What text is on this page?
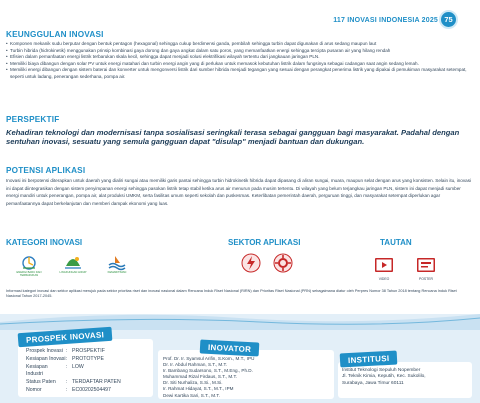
117 INOVASI INDONESIA 2025 75
KEUNGGULAN INOVASI
• Komponen mekanik sudu berputar dengan bentuk pentagon (hexagonal) sehingga cukup berdimensi ganda, pembilah sehingga turbin dapat digunakan di arus sedang maupun laut
• Turbin hibrida (hidrokinetik) menggunakan prinsip kombinasi gaya dorong dan gaya angkat dalam satu poros, yang memanfaatkan energi sehingga tercipta pusaran air yang hilang rendah
• Efisien dalam pemanfaatan energi listrik terbarukan skala kecil, sehingga dapat menjadi solusi elektrifikasi wilayah tertentu dari jangkauan jaringan PLN.
• Memiliki biaya dibangun dengan solar PV untuk energi matahari dan turbin energi angin yang di perlukan untuk memasok kebutuhan listrik dalam fungsinya sebagai cadangan saat angin sedang lemah.
• Memiliki energi dibangun dengan sistem baterai dan konverter untuk mengonversi listrik dari sumber hibrida menjadi tegangan yang sesuai dengan perangkat penerima listrik yang dipakai di pemukiman masyarakat setempat, seperti untuk ladang, penerangan sederhana, pompa air.
PERSPEKTIF
Kehadiran teknologi dan modernisasi tanpa sosialisasi seringkali terasa sebagai gangguan bagi masyarakat. Padahal dengan sentuhan inovasi, sesuatu yang semula gangguan dapat "disulap" menjadi bantuan dan dukungan.
POTENSI APLIKASI
Inovasi ini berpotensi diterapkan untuk daerah yang dialiri sungai atau memiliki garis pantai sehingga turbin hidrokinetik hibrida dapat dipasang di aliran sungai, muara, maupun selat dengan arus yang konsisten. Selain itu, inovasi ini dapat diintegrasikan dengan sistem penyimpanan energi sehingga pasokan listrik tetap stabil ketika arus air menurun pada musim tertentu. Di wilayah yang belum terjangkau jaringan PLN, sistem ini dapat menjadi sumber energi mandiri untuk penerangan, pompa air, alat produksi UMKM, serta fasilitas umum seperti sekolah dan puskesmas. Keterlibatan pemerintah daerah, perguruan tinggi, dan masyarakat setempat diperlukan agar pemanfaatannya dapat berkelanjutan dan memberi dampak ekonomi yang luas.
KATEGORI INOVASI	SEKTOR APLIKASI	TAUTAN
ENERGI BARU DAN TERBARUKAN
LINGKUNGAN HIDUP	KEMARITIMAN
VIDEO	POSTER
Informasi kategori inovasi dan sektor aplikasi merujuk pada sektor prioritas riset dan inovasi nasional dalam Rencana Induk Riset Nasional (RIRN) dan Prioritas Riset Nasional (PRN) sebagaimana diatur oleh Perpres Nomor 38 Tahun 2018 tentang Rencana Induk Riset Nasional Tahun 2017-2045.
PROSPEK INOVASI
Prospek Inovasi : PROSPEKTIF
Kesiapan Inovasi : PROTOTYPE
Kesiapan Industri
: LOW
Status Paten	: TERDAFTAR PATEN
Nomor	: EC00202504497
INOVATOR
Prof. Dr. Ir. Syamsul Arifin, S.Kom., M.T., IPU
Dr. Ir. Abdul Rahman, S.T., M.T.
Ir. Bambang Sudarsono, S.T., M.Eng., Ph.D.
Muhammad Rizal Firdaus, S.T., M.T.
Dr. Siti Nurhaliza, S.Si., M.Si.
Ir. Rahmat Hidayat, S.T., M.T., IPM
Dewi Kartika Sari, S.T., M.T.
INSTITUSI
Institut Teknologi Sepuluh Nopember
Jl. Teknik Kimia, Keputih, Kec. Sukolilo,
Surabaya, Jawa Timur 60111
